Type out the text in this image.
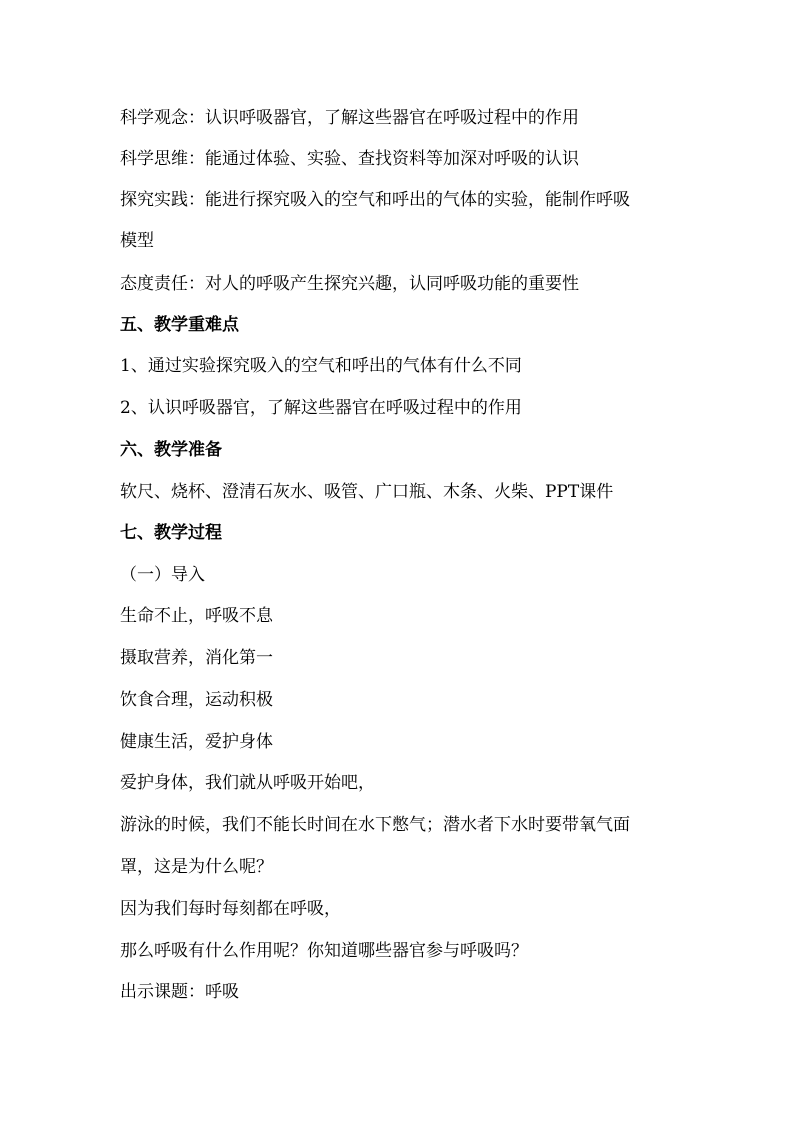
科学观念：认识呼吸器官，了解这些器官在呼吸过程中的作用
科学思维：能通过体验、实验、查找资料等加深对呼吸的认识
探究实践：能进行探究吸入的空气和呼出的气体的实验，能制作呼吸
模型
态度责任：对人的呼吸产生探究兴趣，认同呼吸功能的重要性
五、教学重难点
1、通过实验探究吸入的空气和呼出的气体有什么不同
2、认识呼吸器官，了解这些器官在呼吸过程中的作用
六、教学准备
软尺、烧杯、澄清石灰水、吸管、广口瓶、木条、火柴、PPT课件
七、教学过程
（一）导入
生命不止，呼吸不息
摄取营养，消化第一
饮食合理，运动积极
健康生活，爱护身体
爱护身体，我们就从呼吸开始吧，
游泳的时候，我们不能长时间在水下憋气；潜水者下水时要带氧气面
罩，这是为什么呢？
因为我们每时每刻都在呼吸，
那么呼吸有什么作用呢？你知道哪些器官参与呼吸吗？
出示课题：呼吸
